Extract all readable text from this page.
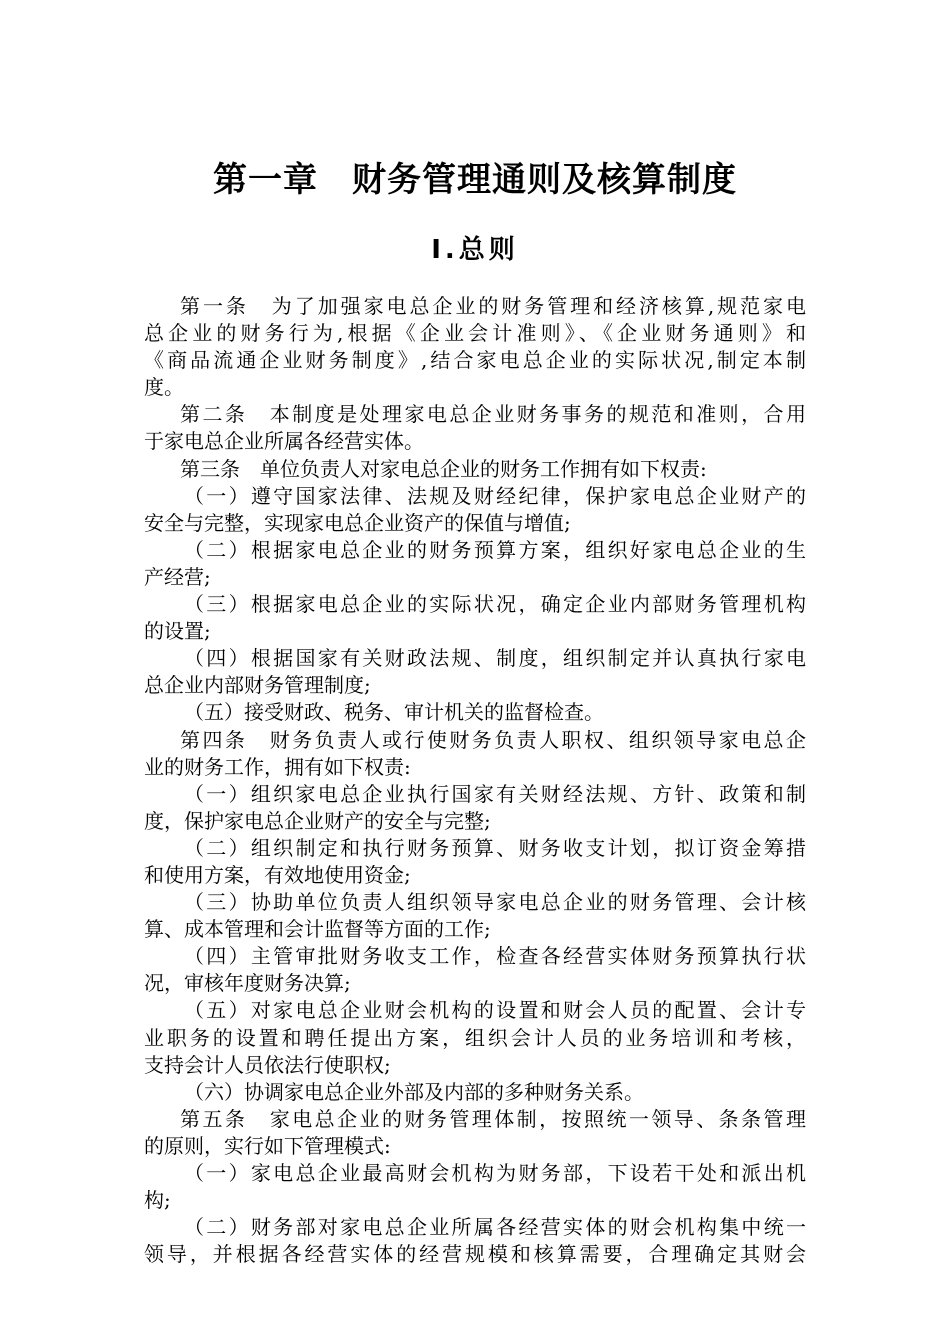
第一章 财务管理通则及核算制度
Ⅰ.总则
第一条　为了加强家电总企业的财务管理和经济核算,规范家电
总企业的财务行为,根据《企业会计准则》、《企业财务通则》和
《商品流通企业财务制度》,结合家电总企业的实际状况,制定本制
度。
第二条　本制度是处理家电总企业财务事务的规范和准则，合用
于家电总企业所属各经营实体。
第三条　单位负责人对家电总企业的财务工作拥有如下权责:
（一）遵守国家法律、法规及财经纪律，保护家电总企业财产的
安全与完整，实现家电总企业资产的保值与增值;
（二）根据家电总企业的财务预算方案，组织好家电总企业的生
产经营;
（三）根据家电总企业的实际状况，确定企业内部财务管理机构
的设置;
（四）根据国家有关财政法规、制度，组织制定并认真执行家电
总企业内部财务管理制度;
（五）接受财政、税务、审计机关的监督检查。
第四条　财务负责人或行使财务负责人职权、组织领导家电总企
业的财务工作，拥有如下权责:
（一）组织家电总企业执行国家有关财经法规、方针、政策和制
度，保护家电总企业财产的安全与完整;
（二）组织制定和执行财务预算、财务收支计划，拟订资金筹措
和使用方案，有效地使用资金;
（三）协助单位负责人组织领导家电总企业的财务管理、会计核
算、成本管理和会计监督等方面的工作;
（四）主管审批财务收支工作，检查各经营实体财务预算执行状
况，审核年度财务决算;
（五）对家电总企业财会机构的设置和财会人员的配置、会计专
业职务的设置和聘任提出方案，组织会计人员的业务培训和考核，
支持会计人员依法行使职权;
（六）协调家电总企业外部及内部的多种财务关系。
第五条　家电总企业的财务管理体制，按照统一领导、条条管理
的原则，实行如下管理模式:
（一）家电总企业最高财会机构为财务部，下设若干处和派出机
构;
（二）财务部对家电总企业所属各经营实体的财会机构集中统一
领导，并根据各经营实体的经营规模和核算需要，合理确定其财会
